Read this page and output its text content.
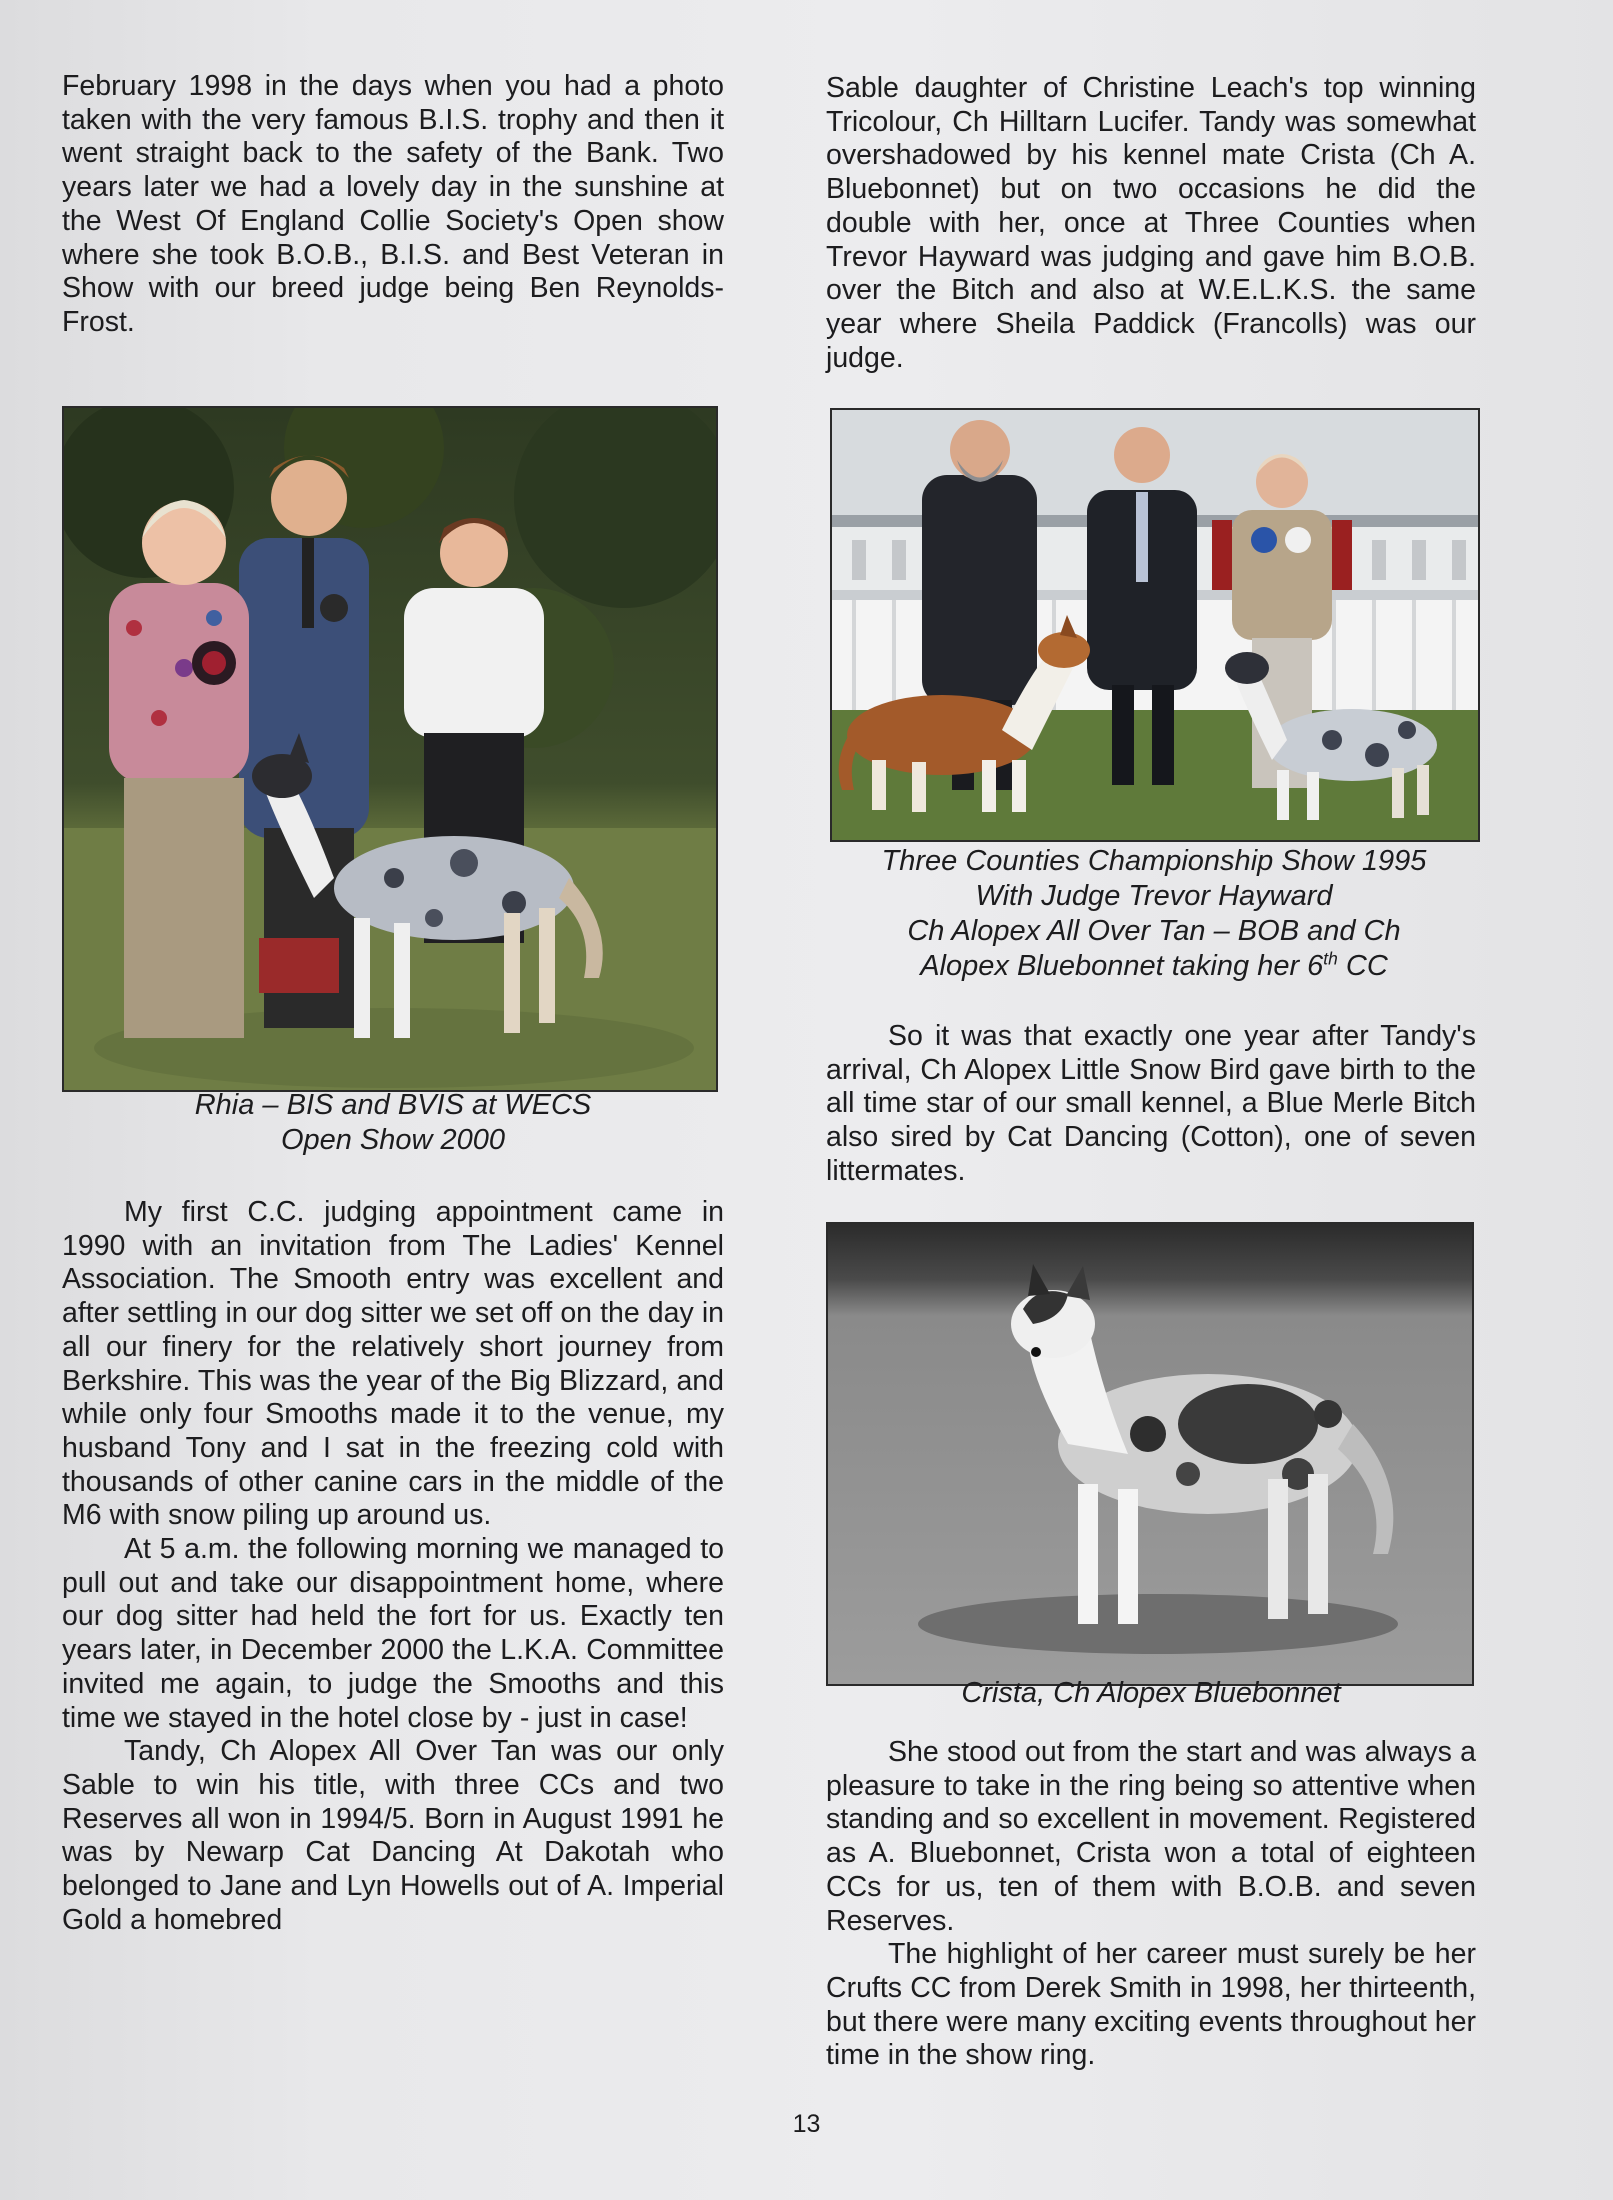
February 1998 in the days when you had a photo taken with the very famous B.I.S. trophy and then it went straight back to the safety of the Bank. Two years later we had a lovely day in the sunshine at the West Of England Collie Society's Open show where she took B.O.B., B.I.S. and Best Veteran in Show with our breed judge being Ben Reynolds-Frost.

Rhia – BIS and BVIS at WECS

Open Show 2000

My first C.C. judging appointment came in 1990 with an invitation from The Ladies' Kennel Association. The Smooth entry was excellent and after settling in our dog sitter we set off on the day in all our finery for the relatively short journey from Berkshire. This was the year of the Big Blizzard, and while only four Smooths made it to the venue, my husband Tony and I sat in the freezing cold with thousands of other canine cars in the middle of the M6 with snow piling up around us.

At 5 a.m. the following morning we managed to pull out and take our disappointment home, where our dog sitter had held the fort for us. Exactly ten years later, in December 2000 the L.K.A. Committee invited me again, to judge the Smooths and this time we stayed in the hotel close by - just in case!

Tandy, Ch Alopex All Over Tan was our only Sable to win his title, with three CCs and two Reserves all won in 1994/5. Born in August 1991 he was by Newarp Cat Dancing At Dakotah who belonged to Jane and Lyn Howells out of A. Imperial Gold a homebred

Sable daughter of Christine Leach's top winning Tricolour, Ch Hilltarn Lucifer. Tandy was somewhat overshadowed by his kennel mate Crista (Ch A. Bluebonnet) but on two occasions he did the double with her, once at Three Counties when Trevor Hayward was judging and gave him B.O.B. over the Bitch and also at W.E.L.K.S. the same year where Sheila Paddick (Francolls) was our judge.

Three Counties Championship Show 1995

With Judge Trevor Hayward

Ch Alopex All Over Tan – BOB and Ch

Alopex Bluebonnet taking her 6th CC

So it was that exactly one year after Tandy's arrival, Ch Alopex Little Snow Bird gave birth to the all time star of our small kennel, a Blue Merle Bitch also sired by Cat Dancing (Cotton), one of seven littermates.

Crista, Ch Alopex Bluebonnet

She stood out from the start and was always a pleasure to take in the ring being so attentive when standing and so excellent in movement. Registered as A. Bluebonnet, Crista won a total of eighteen CCs for us, ten of them with B.O.B. and seven Reserves.

The highlight of her career must surely be her Crufts CC from Derek Smith in 1998, her thirteenth, but there were many exciting events throughout her time in the show ring.

13
